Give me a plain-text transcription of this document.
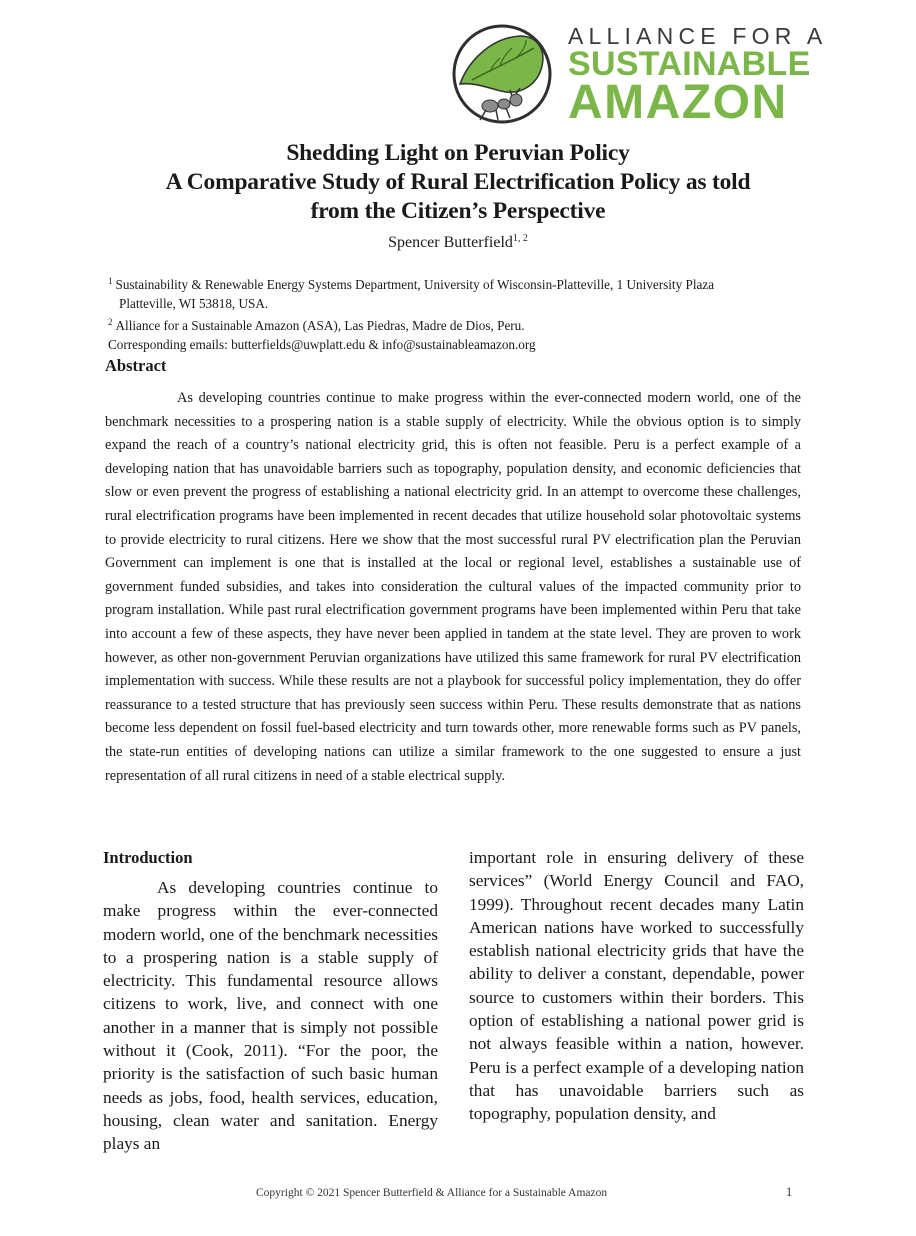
ALLIANCE FOR A
SUSTAINABLE
AMAZON
Shedding Light on Peruvian Policy
A Comparative Study of Rural Electrification Policy as told
from the Citizen’s Perspective
Spencer Butterfield$^{1, 2}$
$^1$ Sustainability & Renewable Energy Systems Department, University of Wisconsin-Platteville, 1 University Plaza
Platteville, WI 53818, USA.
$^2$ Alliance for a Sustainable Amazon (ASA), Las Piedras, Madre de Dios, Peru.
Corresponding emails: butterfields@uwplatt.edu & info@sustainableamazon.org
Abstract
As developing countries continue to make progress within the ever-connected modern world, one of the benchmark necessities to a prospering nation is a stable supply of electricity. While the obvious option is to simply expand the reach of a country’s national electricity grid, this is often not feasible. Peru is a perfect example of a developing nation that has unavoidable barriers such as topography, population density, and economic deficiencies that slow or even prevent the progress of establishing a national electricity grid. In an attempt to overcome these challenges, rural electrification programs have been implemented in recent decades that utilize household solar photovoltaic systems to provide electricity to rural citizens. Here we show that the most successful rural PV electrification plan the Peruvian Government can implement is one that is installed at the local or regional level, establishes a sustainable use of government funded subsidies, and takes into consideration the cultural values of the impacted community prior to program installation. While past rural electrification government programs have been implemented within Peru that take into account a few of these aspects, they have never been applied in tandem at the state level. They are proven to work however, as other non-government Peruvian organizations have utilized this same framework for rural PV electrification implementation with success. While these results are not a playbook for successful policy implementation, they do offer reassurance to a tested structure that has previously seen success within Peru. These results demonstrate that as nations become less dependent on fossil fuel-based electricity and turn towards other, more renewable forms such as PV panels, the state-run entities of developing nations can utilize a similar framework to the one suggested to ensure a just representation of all rural citizens in need of a stable electrical supply.
Introduction
As developing countries continue to make progress within the ever-connected modern world, one of the benchmark necessities to a prospering nation is a stable supply of electricity. This fundamental resource allows citizens to work, live, and connect with one another in a manner that is simply not possible without it (Cook, 2011). “For the poor, the priority is the satisfaction of such basic human needs as jobs, food, health services, education, housing, clean water and sanitation. Energy plays an
important role in ensuring delivery of these services” (World Energy Council and FAO, 1999). Throughout recent decades many Latin American nations have worked to successfully establish national electricity grids that have the ability to deliver a constant, dependable, power source to customers within their borders. This option of establishing a national power grid is not always feasible within a nation, however. Peru is a perfect example of a developing nation that has unavoidable barriers such as topography, population density, and
Copyright © 2021 Spencer Butterfield & Alliance for a Sustainable Amazon	1
